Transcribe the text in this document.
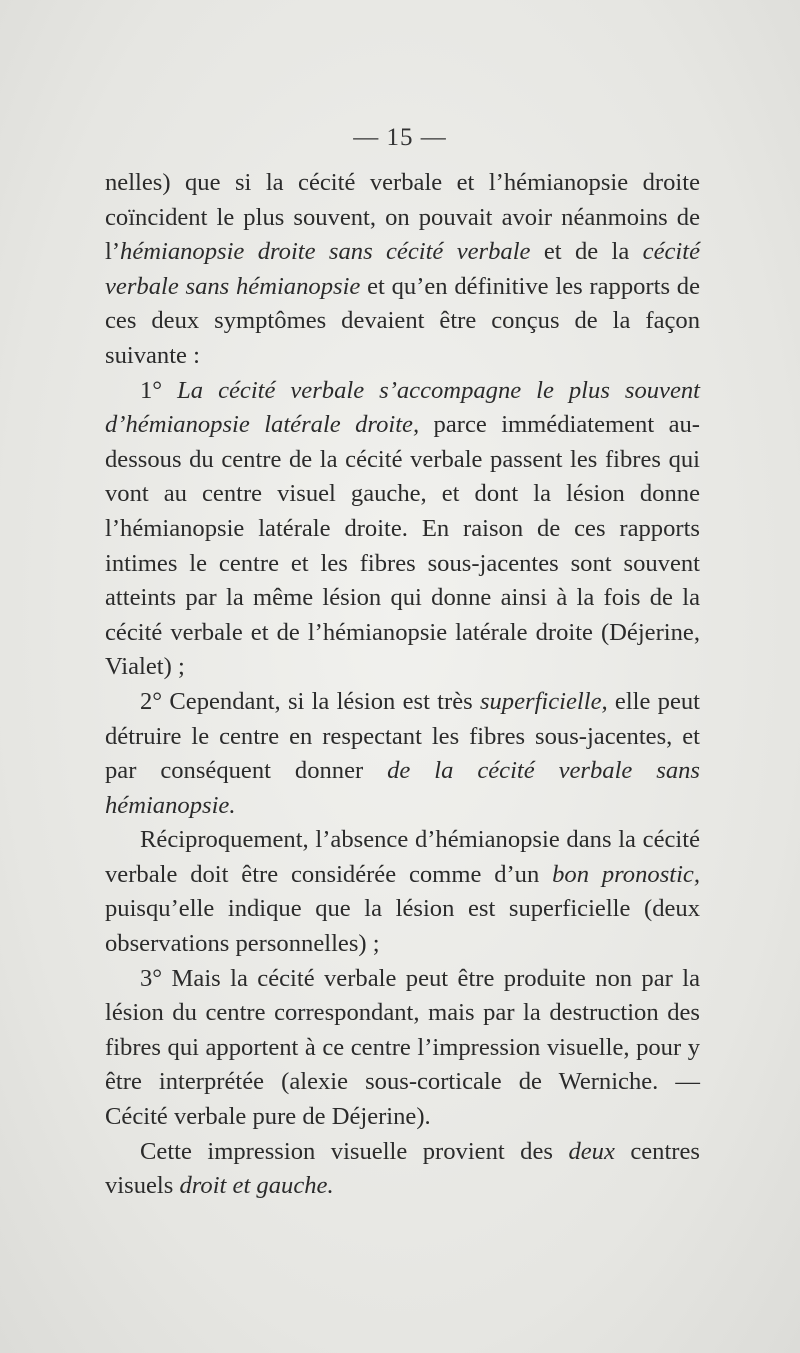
— 15 —

nelles) que si la cécité verbale et l’hémianopsie droite coïncident le plus souvent, on pouvait avoir néanmoins de l’hémianopsie droite sans cécité verbale et de la cécité verbale sans hémianopsie et qu’en définitive les rapports de ces deux symptômes devaient être conçus de la façon suivante :

1° La cécité verbale s’accompagne le plus souvent d’hémianopsie latérale droite, parce immédiatement au-dessous du centre de la cécité verbale passent les fibres qui vont au centre visuel gauche, et dont la lésion donne l’hémianopsie latérale droite. En raison de ces rapports intimes le centre et les fibres sous-jacentes sont souvent atteints par la même lésion qui donne ainsi à la fois de la cécité verbale et de l’hémianopsie latérale droite (Déjerine, Vialet) ;

2° Cependant, si la lésion est très superficielle, elle peut détruire le centre en respectant les fibres sous-jacentes, et par conséquent donner de la cécité verbale sans hémianopsie.

Réciproquement, l’absence d’hémianopsie dans la cécité verbale doit être considérée comme d’un bon pronostic, puisqu’elle indique que la lésion est superficielle (deux observations personnelles) ;

3° Mais la cécité verbale peut être produite non par la lésion du centre correspondant, mais par la destruction des fibres qui apportent à ce centre l’impression visuelle, pour y être interprétée (alexie sous-corticale de Werniche. — Cécité verbale pure de Déjerine).

Cette impression visuelle provient des deux centres visuels droit et gauche.
